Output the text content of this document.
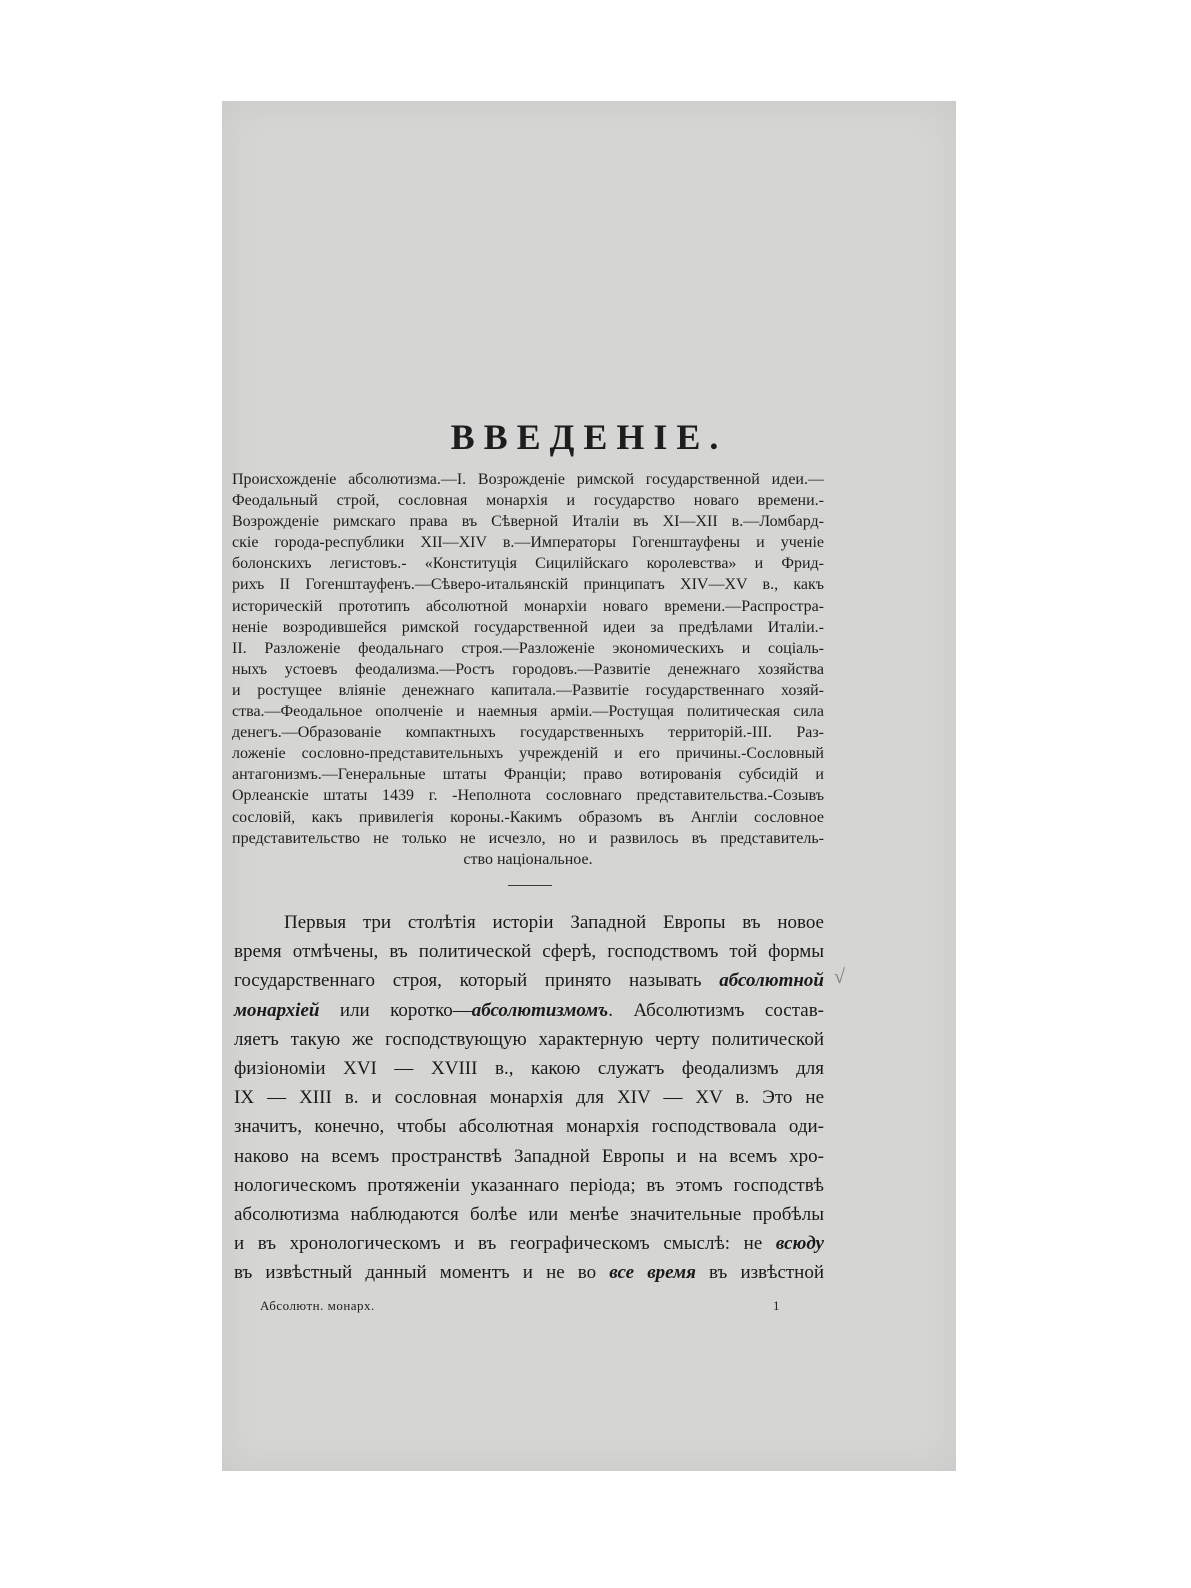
ВВЕДЕНIЕ.
Происхожденіе абсолютизма.—I. Возрожденіе римской государственной идеи.—
Феодальный строй, сословная монархія и государство новаго времени.-
Возрожденіе римскаго права въ Сѣверной Италіи въ XI—XII в.—Ломбард-
скіе города-республики XII—XIV в.—Императоры Гогенштауфены и ученіе
болонскихъ легистовъ.- «Конституція Сицилійскаго королевства» и Фрид-
рихъ II Гогенштауфенъ.—Сѣверо-итальянскій принципатъ XIV—XV в., какъ
историческій прототипъ абсолютной монархіи новаго времени.—Распростра-
неніе возродившейся римской государственной идеи за предѣлами Италіи.-
II. Разложеніе феодальнаго строя.—Разложеніе экономическихъ и соціаль-
ныхъ устоевъ феодализма.—Ростъ городовъ.—Развитіе денежнаго хозяйства
и ростущее вліяніе денежнаго капитала.—Развитіе государственнаго хозяй-
ства.—Феодальное ополченіе и наемныя арміи.—Ростущая политическая сила
денегъ.—Образованіе компактныхъ государственныхъ территорій.-III. Раз-
ложеніе сословно-представительныхъ учрежденій и его причины.-Сословный
антагонизмъ.—Генеральные штаты Франціи; право вотированія субсидій и
Орлеанскіе штаты 1439 г. -Неполнота сословнаго представительства.-Созывъ
сословій, какъ привилегія короны.-Какимъ образомъ въ Англіи сословное
представительство не только не исчезло, но и развилось въ представитель-
ство національное.
Первыя три столѣтія исторіи Западной Европы въ новое
время отмѣчены, въ политической сферѣ, господствомъ той формы
государственнаго строя, который принято называть абсолютной
монархіей или коротко—абсолютизмомъ. Абсолютизмъ состав-
ляетъ такую же господствующую характерную черту политической
физіономіи XVI — XVIII в., какою служатъ феодализмъ для
IX — XIII в. и сословная монархія для XIV — XV в. Это не
значитъ, конечно, чтобы абсолютная монархія господствовала оди-
наково на всемъ пространствѣ Западной Европы и на всемъ хро-
нологическомъ протяженіи указаннаго періода; въ этомъ господствѣ
абсолютизма наблюдаются болѣе или менѣе значительные пробѣлы
и въ хронологическомъ и въ географическомъ смыслѣ: не всюду
въ извѣстный данный моментъ и не во все время въ извѣстной
√
Абсолютн. монарх.	1
